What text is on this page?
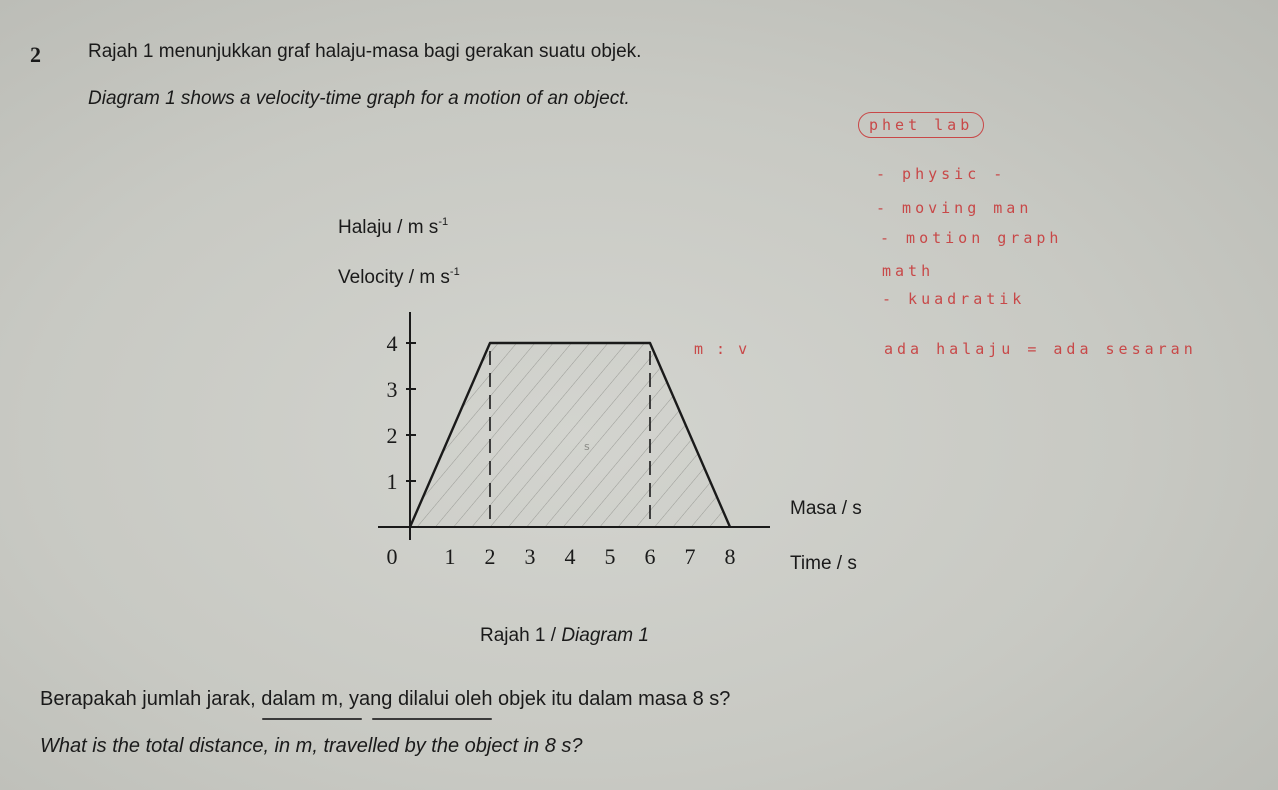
2 Rajah 1 menunjukkan graf halaju-masa bagi gerakan suatu objek.
Diagram 1 shows a velocity-time graph for a motion of an object.
Halaju / m $s^{-1}$
Velocity / m $s^{-1}$
Masa / s
Time / s
0 1 2 3 4 5 6 7 8
1
2
3
4	m : v
s
Rajah 1 / Diagram 1
Berapakah jumlah jarak, dalam m, yang dilalui oleh objek itu dalam masa 8 s?
What is the total distance, in m, travelled by the object in 8 s?
phet lab
- physic -
- moving man
- motion graph
math
- kuadratik
ada halaju = ada sesaran
